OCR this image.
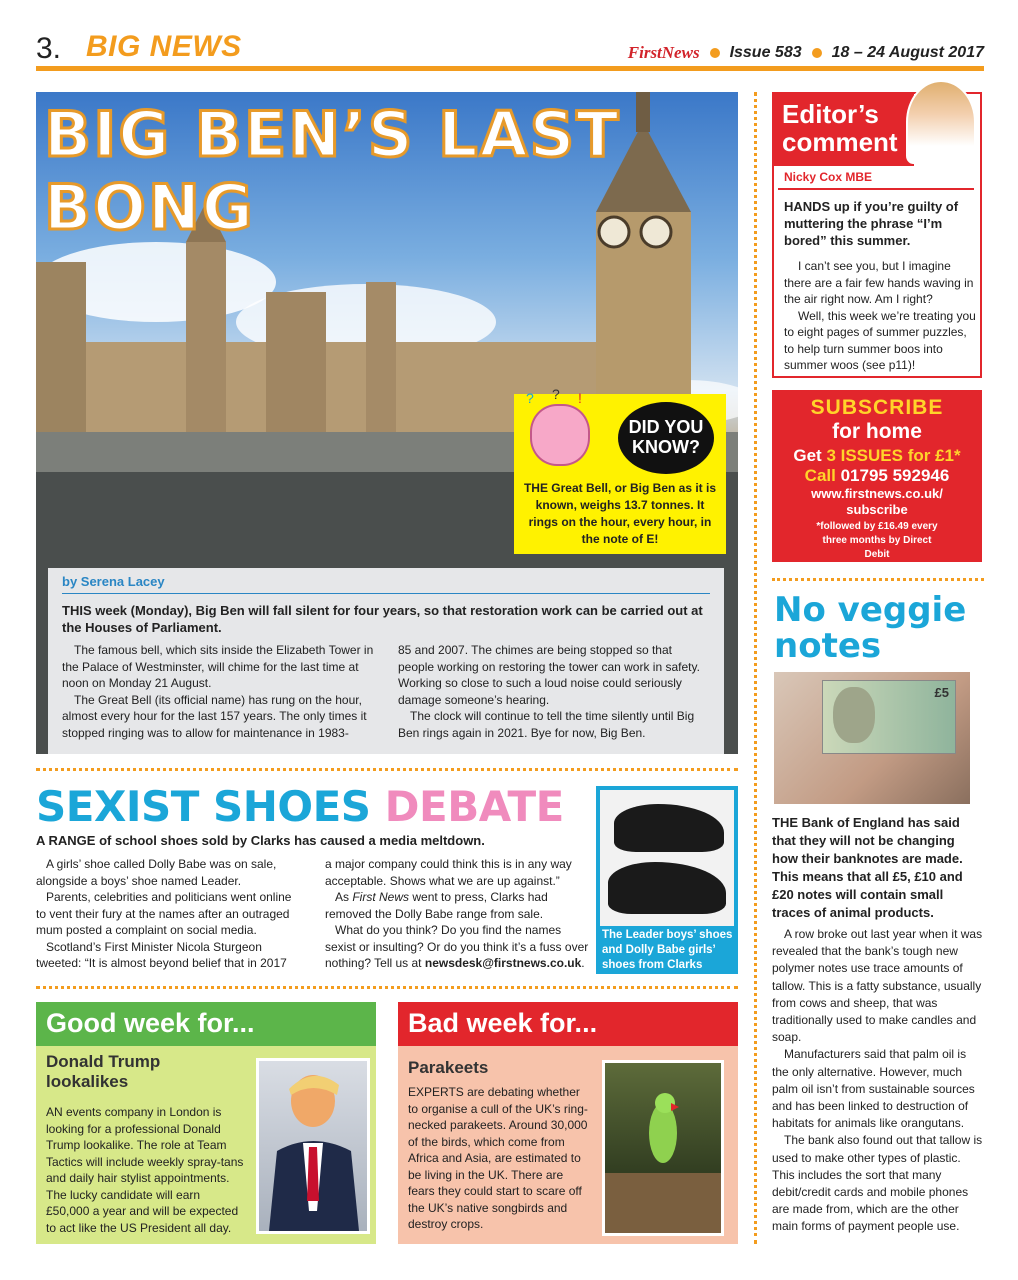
3. BIG NEWS	FirstNews Issue 583 18 – 24 August 2017
BIG BEN’S LAST BONG
? ? !
DID YOU KNOW?
THE Great Bell, or Big Ben as it is known, weighs 13.7 tonnes. It rings on the hour, every hour, in the note of E!
by Serena Lacey

THIS week (Monday), Big Ben will fall silent for four years, so that restoration work can be carried out at the Houses of Parliament.

The famous bell, which sits inside the Elizabeth Tower in the Palace of Westminster, will chime for the last time at noon on Monday 21 August.

The Great Bell (its official name) has rung on the hour, almost every hour for the last 157 years. The only times it stopped ringing was to allow for maintenance in 1983-

85 and 2007. The chimes are being stopped so that people working on restoring the tower can work in safety. Working so close to such a loud noise could seriously damage someone’s hearing.

The clock will continue to tell the time silently until Big Ben rings again in 2021. Bye for now, Big Ben.

SEXIST SHOES DEBATE
A RANGE of school shoes sold by Clarks has caused a media meltdown.

A girls’ shoe called Dolly Babe was on sale, alongside a boys’ shoe named Leader.

Parents, celebrities and politicians went online to vent their fury at the names after an outraged mum posted a complaint on social media.

Scotland’s First Minister Nicola Sturgeon tweeted: “It is almost beyond belief that in 2017

a major company could think this is in any way acceptable. Shows what we are up against.”

As First News went to press, Clarks had removed the Dolly Babe range from sale.

What do you think? Do you find the names sexist or insulting? Or do you think it’s a fuss over nothing? Tell us at newsdesk@firstnews.co.uk.

The Leader boys’ shoes and Dolly Babe girls’ shoes from Clarks
Good week for...
Donald Trump lookalikes
AN events company in London is looking for a professional Donald Trump lookalike. The role at Team Tactics will include weekly spray-tans and daily hair stylist appointments. The lucky candidate will earn £50,000 a year and will be expected to act like the US President all day.
Bad week for...
Parakeets
EXPERTS are debating whether to organise a cull of the UK’s ring-necked parakeets. Around 30,000 of the birds, which come from Africa and Asia, are estimated to be living in the UK. There are fears they could start to scare off the UK’s native songbirds and destroy crops.
Editor’s comment
Nicky Cox MBE

HANDS up if you’re guilty of muttering the phrase “I’m bored” this summer.

I can’t see you, but I imagine there are a fair few hands waving in the air right now. Am I right?

Well, this week we’re treating you to eight pages of summer puzzles, to help turn summer boos into summer woos (see p11)!

SUBSCRIBE
for home
Get 3 ISSUES for £1*
Call 01795 592946
www.firstnews.co.uk/ subscribe
*followed by £16.49 every three months by Direct Debit
No veggie notes
£5
THE Bank of England has said that they will not be changing how their banknotes are made. This means that all £5, £10 and £20 notes will contain small traces of animal products.

A row broke out last year when it was revealed that the bank’s tough new polymer notes use trace amounts of tallow. This is a fatty substance, usually from cows and sheep, that was traditionally used to make candles and soap.

Manufacturers said that palm oil is the only alternative. However, much palm oil isn’t from sustainable sources and has been linked to destruction of habitats for animals like orangutans.

The bank also found out that tallow is used to make other types of plastic. This includes the sort that many debit/credit cards and mobile phones are made from, which are the other main forms of payment people use.
